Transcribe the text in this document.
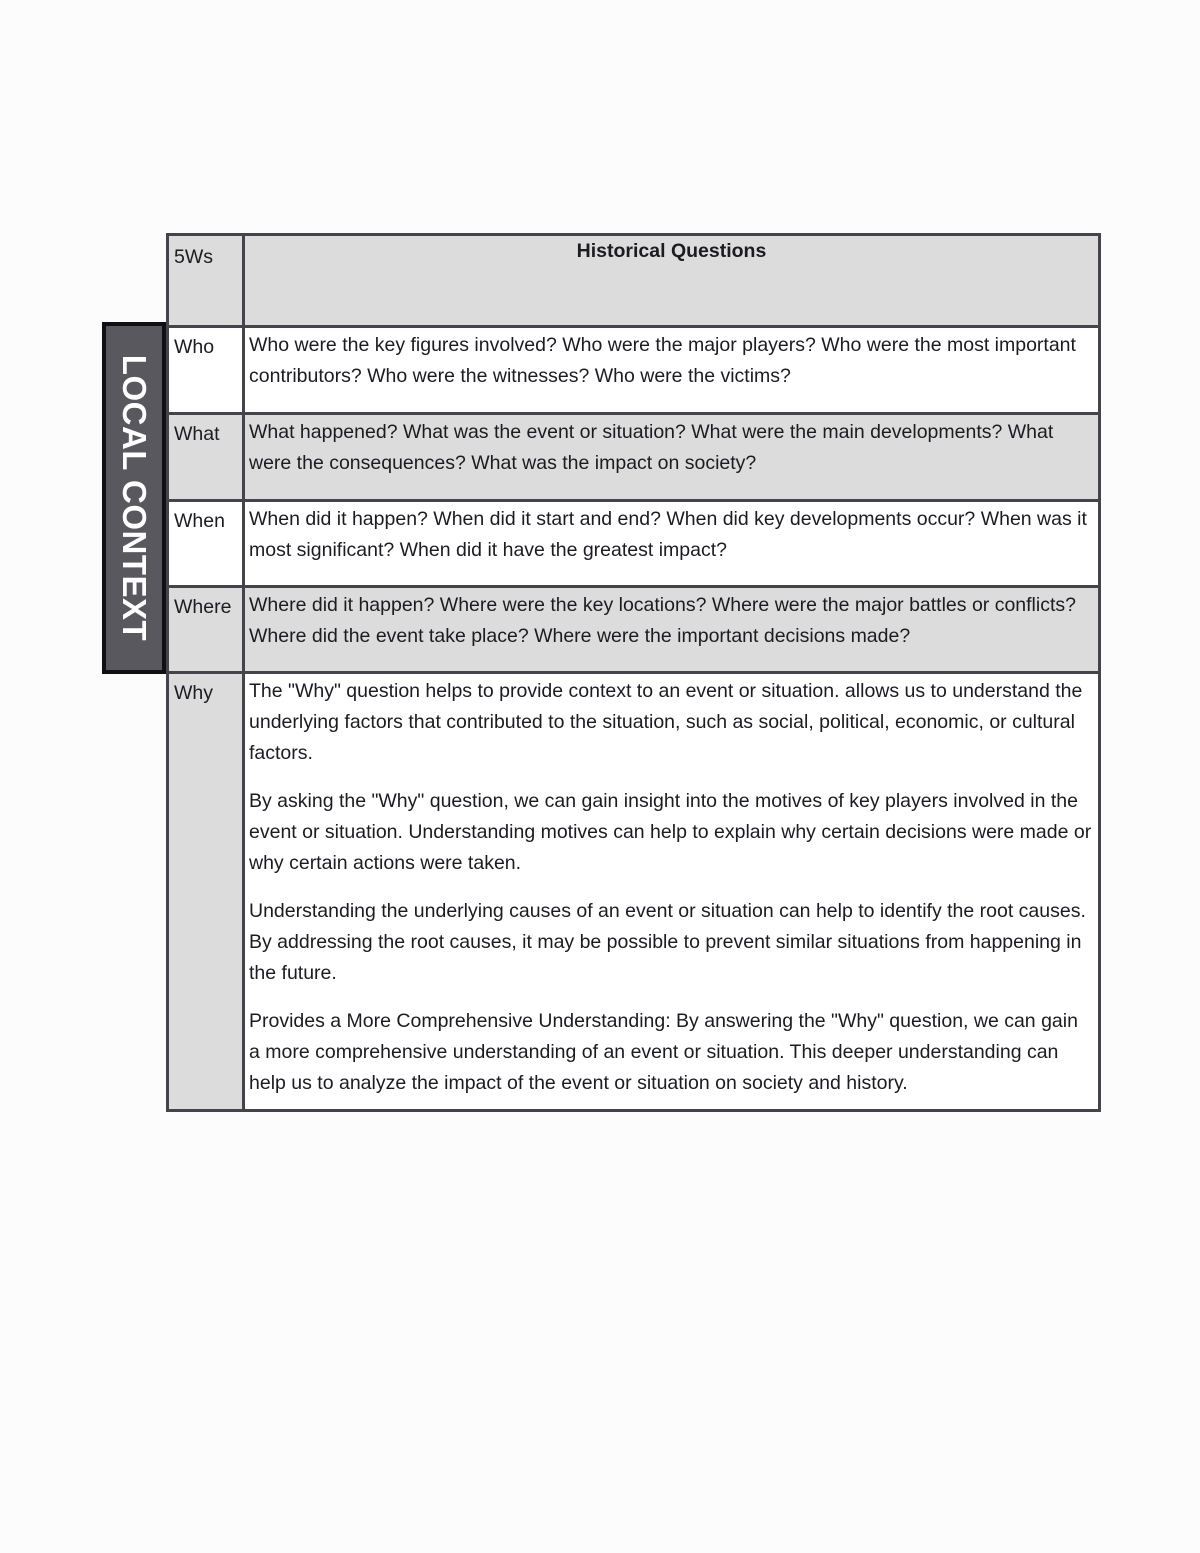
LOCAL CONTEXT
5Ws	Historical Questions
Who	Who were the key figures involved? Who were the major players? Who were the most important contributors? Who were the witnesses? Who were the victims?
What	What happened? What was the event or situation? What were the main developments? What were the consequences? What was the impact on society?
When	When did it happen? When did it start and end? When did key developments occur? When was it most significant? When did it have the greatest impact?
Where	Where did it happen? Where were the key locations? Where were the major battles or conflicts? Where did the event take place? Where were the important decisions made?
Why	The "Why" question helps to provide context to an event or situation. allows us to understand the underlying factors that contributed to the situation, such as social, political, economic, or cultural factors.

By asking the "Why" question, we can gain insight into the motives of key players involved in the event or situation. Understanding motives can help to explain why certain decisions were made or why certain actions were taken.

Understanding the underlying causes of an event or situation can help to identify the root causes. By addressing the root causes, it may be possible to prevent similar situations from happening in the future.

Provides a More Comprehensive Understanding: By answering the "Why" question, we can gain a more comprehensive understanding of an event or situation. This deeper understanding can help us to analyze the impact of the event or situation on society and history.
